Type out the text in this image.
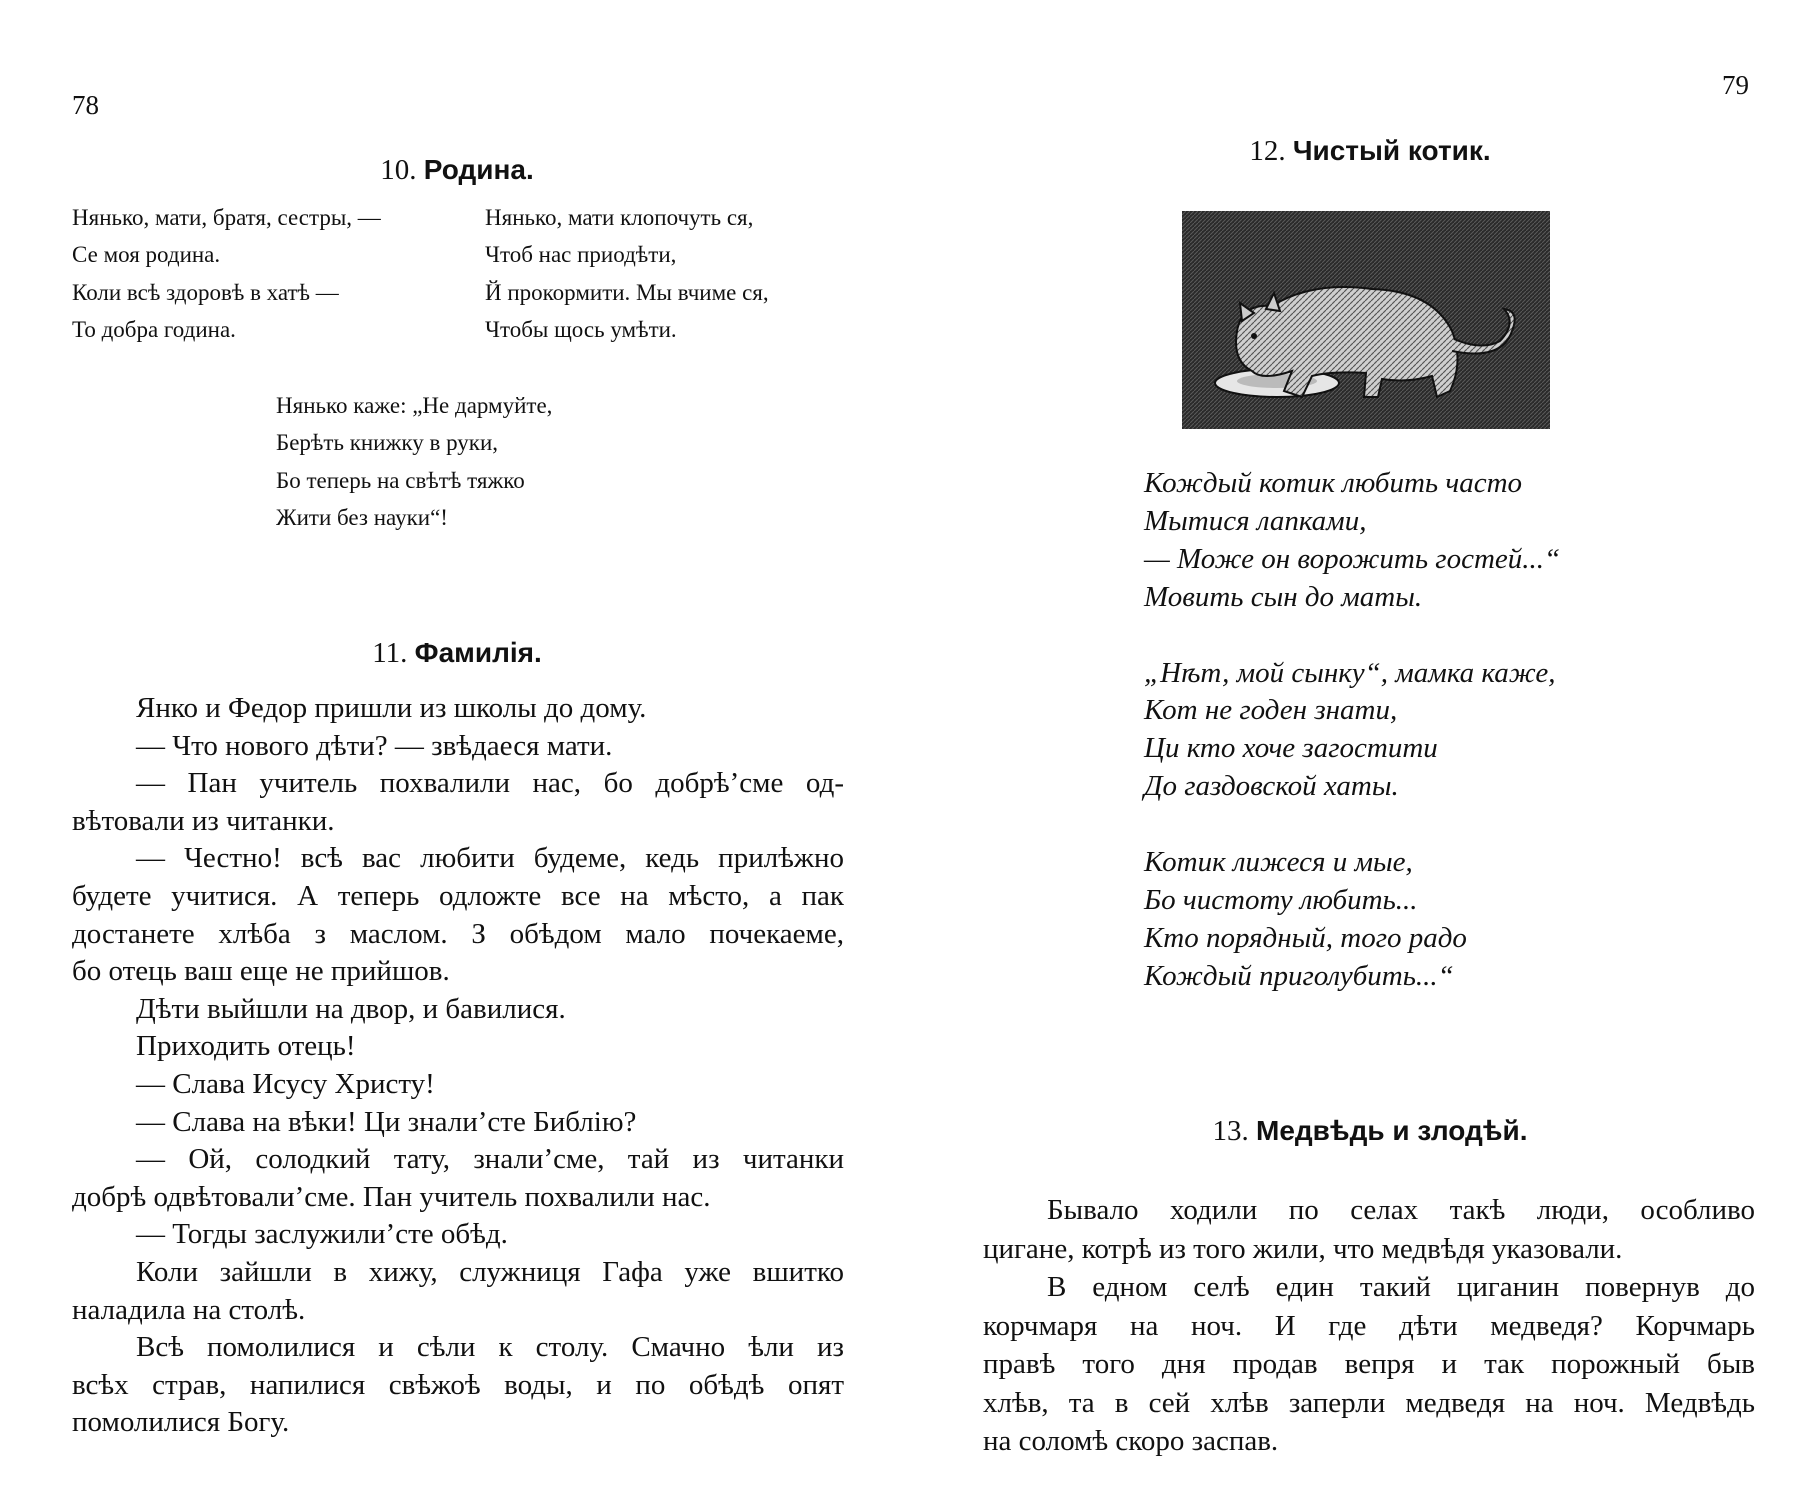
78
79
10. Родина.
Нянько, мати, братя, сестры, —
Се моя родина.
Коли всѣ здоровѣ в хатѣ —
То добра година.
Нянько, мати клопочуть ся,
Чтоб нас приодѣти,
Й прокормити. Мы вчиме ся,
Чтобы щось умѣти.
Нянько каже: „Не дармуйте,
Берѣть книжку в руки,
Бо теперь на свѣтѣ тяжко
Жити без науки“!
11. Фамилія.
Янко и Федор пришли из школы до дому.
— Что нового дѣти? — звѣдаеся мати.
— Пан учитель похвалили нас, бо добрѣ’сме од-
вѣтовали из читанки.
— Честно! всѣ вас любити будеме, кедь прилѣжно
будете учитися. А теперь одложте все на мѣсто, а пак
достанете хлѣба з маслом. З обѣдом мало почекаеме,
бо отець ваш еще не прийшов.
Дѣти выйшли на двор, и бавилися.
Приходить отець!
— Слава Исусу Христу!
— Слава на вѣки! Ци знали’сте Библію?
— Ой, солодкий тату, знали’сме, тай из читанки
добрѣ одвѣтовали’сме. Пан учитель похвалили нас.
— Тогды заслужили’сте обѣд.
Коли зайшли в хижу, служниця Гафа уже вшитко
наладила на столѣ.
Всѣ помолилися и сѣли к столу. Смачно ѣли из
всѣх страв, напилися свѣжоѣ воды, и по обѣдѣ опят
помолилися Богу.
12. Чистый котик.
Кождый котик любить часто
Мытися лапками,
— Може он ворожить гостей...“
Мовить сын до маты.
„Нѣт, мой сынку“, мамка каже,
Кот не годен знати,
Ци кто хоче загостити
До газдовской хаты.
Котик лижеся и мые,
Бо чистоту любить...
Кто порядный, того радо
Кождый приголубить...“
13. Медвѣдь и злодѣй.
Бывало ходили по селах такѣ люди, особливо
цигане, котрѣ из того жили, что медвѣдя указовали.
В едном селѣ един такий циганин повернув до
корчмаря на ноч. И где дѣти медведя? Корчмарь
правѣ того дня продав вепря и так порожный быв
хлѣв, та в сей хлѣв заперли медведя на ноч. Медвѣдь
на соломѣ скоро заспав.
